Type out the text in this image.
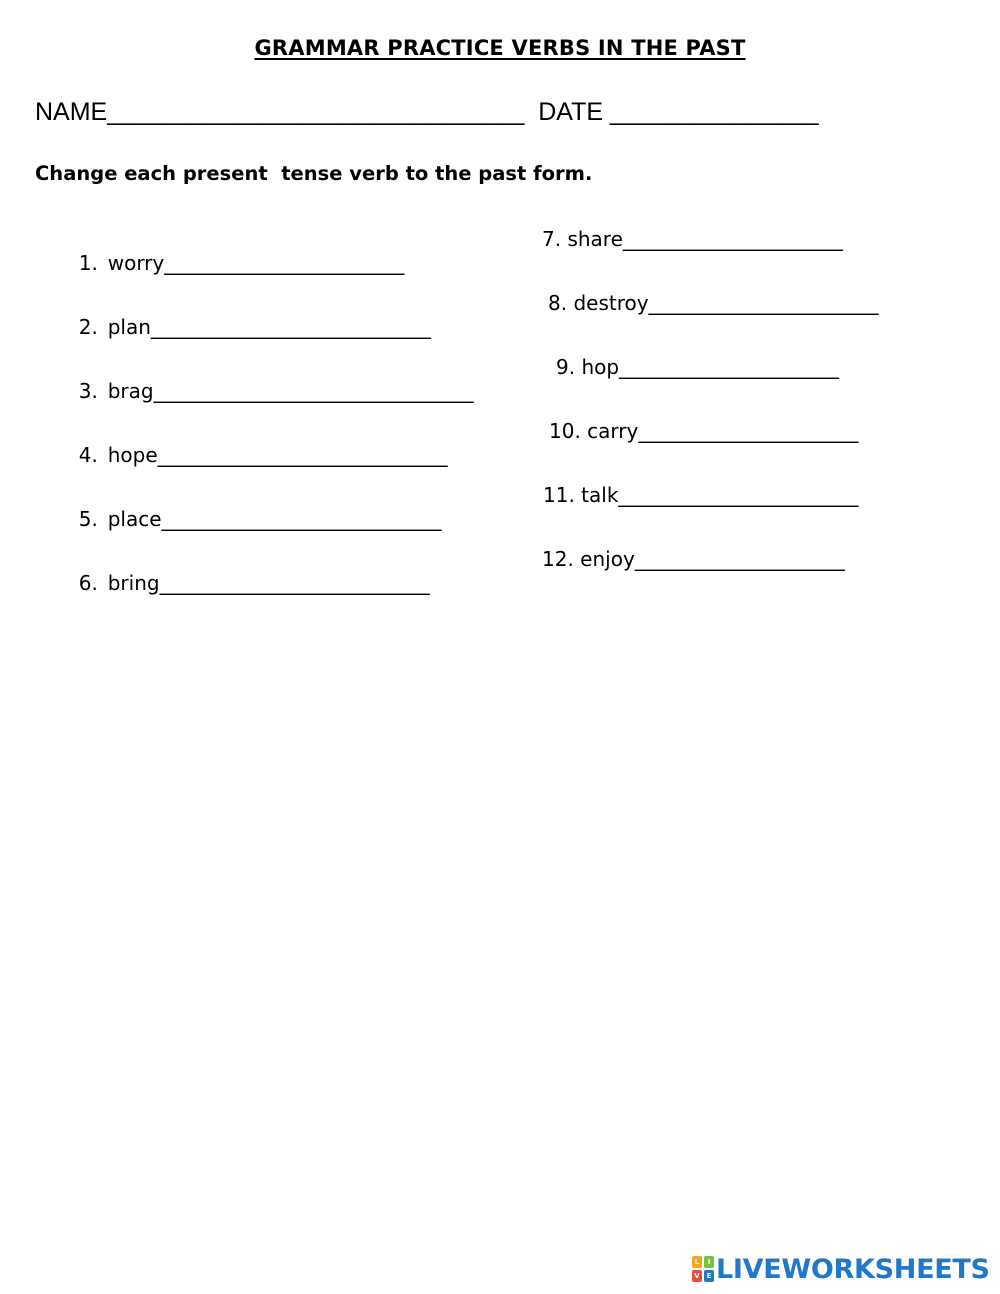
GRAMMAR PRACTICE VERBS IN THE PAST
NAME______________________________  DATE _______________
Change each present  tense verb to the past form.

1. worry________________________

2. plan____________________________

3. brag________________________________

4. hope_____________________________

5. place____________________________

6. bring___________________________

7. share______________________
8. destroy_______________________
9. hop______________________
10. carry______________________
11. talk________________________
12. enjoy_____________________
L	I
V E LIVEWORKSHEETS
